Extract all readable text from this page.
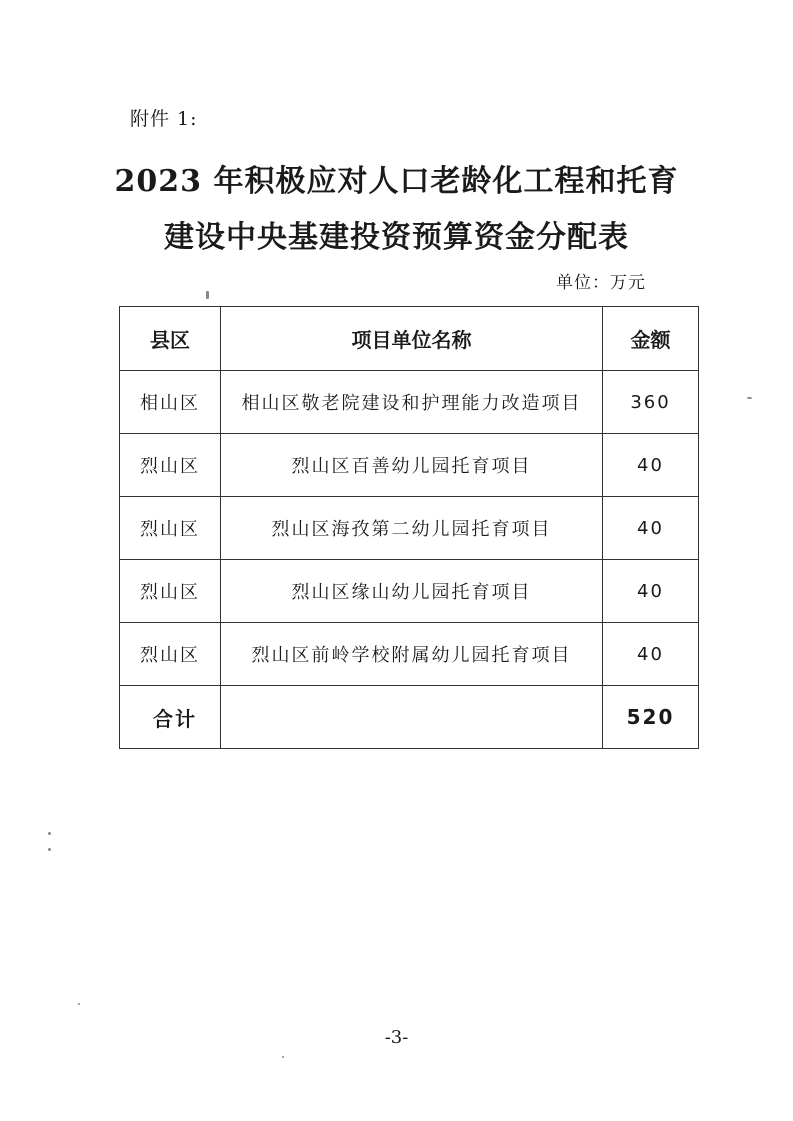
附件 1:
2023 年积极应对人口老龄化工程和托育
建设中央基建投资预算资金分配表
单位：万元
县区	项目单位名称	金额
相山区	相山区敬老院建设和护理能力改造项目	360
烈山区	烈山区百善幼儿园托育项目	40
烈山区	烈山区海孜第二幼儿园托育项目	40
烈山区	烈山区缘山幼儿园托育项目	40
烈山区	烈山区前岭学校附属幼儿园托育项目	40
合计		520
-3-
